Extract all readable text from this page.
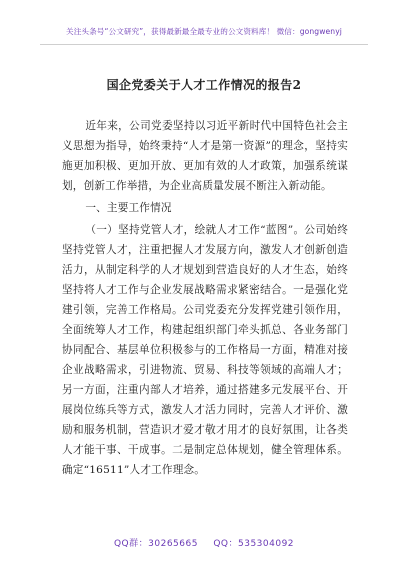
关注头条号“公文研究”，获得最新最全最专业的公文资料库！ 微信：gongwenyj
国企党委关于人才工作情况的报告2

近年来，公司党委坚持以习近平新时代中国特色社会主义思想为指导，始终秉持“人才是第一资源”的理念，坚持实施更加积极、更加开放、更加有效的人才政策，加强系统谋划，创新工作举措，为企业高质量发展不断注入新动能。

一、主要工作情况

（一）坚持党管人才，绘就人才工作“蓝图”。公司始终坚持党管人才，注重把握人才发展方向，激发人才创新创造活力，从制定科学的人才规划到营造良好的人才生态，始终坚持将人才工作与企业发展战略需求紧密结合。一是强化党建引领，完善工作格局。公司党委充分发挥党建引领作用，全面统筹人才工作，构建起组织部门牵头抓总、各业务部门协同配合、基层单位积极参与的工作格局一方面，精准对接企业战略需求，引进物流、贸易、科技等领域的高端人才；另一方面，注重内部人才培养，通过搭建多元发展平台、开展岗位练兵等方式，激发人才活力同时，完善人才评价、激励和服务机制，营造识才爱才敬才用才的良好氛围，让各类人才能干事、干成事。二是制定总体规划，健全管理体系。确定“16511”人才工作理念。

QQ群：30265665 QQ：535304092
